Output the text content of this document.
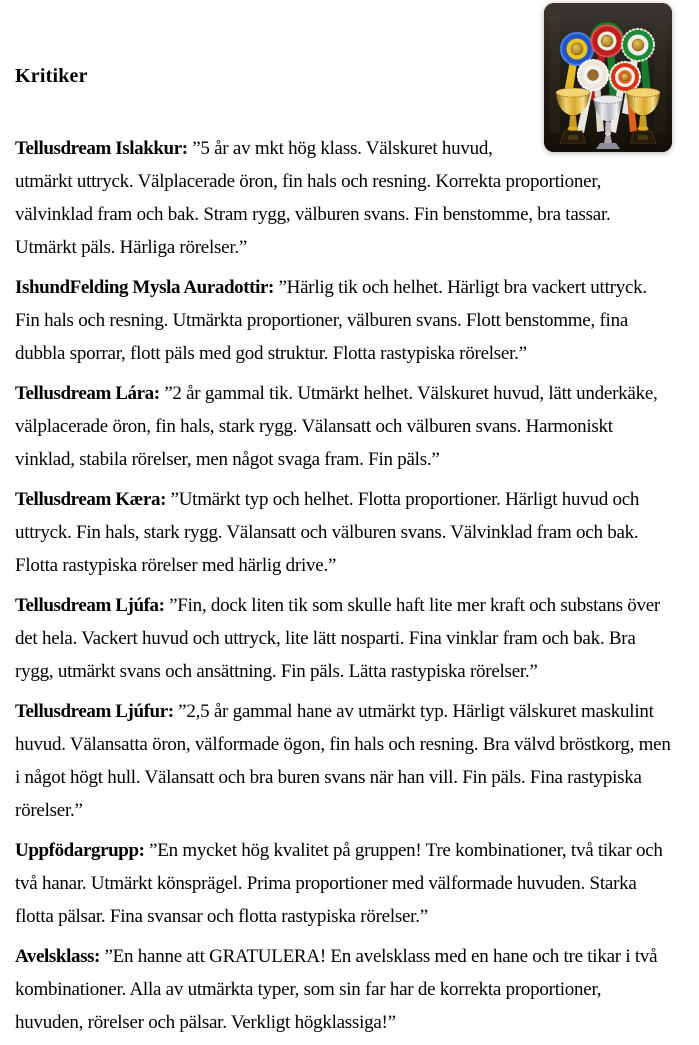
Kritiker

Tellusdream Islakkur: ”5 år av mkt hög klass. Välskuret huvud, utmärkt uttryck. Välplacerade öron, fin hals och resning. Korrekta proportioner, välvinklad fram och bak. Stram rygg, välburen svans. Fin benstomme, bra tassar. Utmärkt päls. Härliga rörelser.”

IshundFelding Mysla Auradottir: ”Härlig tik och helhet. Härligt bra vackert uttryck. Fin hals och resning. Utmärkta proportioner, välburen svans. Flott benstomme, fina dubbla sporrar, flott päls med god struktur. Flotta rastypiska rörelser.”

Tellusdream Lára: ”2 år gammal tik. Utmärkt helhet. Välskuret huvud, lätt underkäke, välplacerade öron, fin hals, stark rygg. Välansatt och välburen svans. Harmoniskt vinklad, stabila rörelser, men något svaga fram. Fin päls.”

Tellusdream Kæra: ”Utmärkt typ och helhet. Flotta proportioner. Härligt huvud och uttryck. Fin hals, stark rygg. Välansatt och välburen svans. Välvinklad fram och bak. Flotta rastypiska rörelser med härlig drive.”

Tellusdream Ljúfa: ”Fin, dock liten tik som skulle haft lite mer kraft och substans över det hela. Vackert huvud och uttryck, lite lätt nosparti. Fina vinklar fram och bak. Bra rygg, utmärkt svans och ansättning. Fin päls. Lätta rastypiska rörelser.”

Tellusdream Ljúfur: ”2,5 år gammal hane av utmärkt typ. Härligt välskuret maskulint huvud. Välansatta öron, välformade ögon, fin hals och resning. Bra välvd bröstkorg, men i något högt hull. Välansatt och bra buren svans när han vill. Fin päls. Fina rastypiska rörelser.”

Uppfödargrupp: ”En mycket hög kvalitet på gruppen! Tre kombinationer, två tikar och två hanar. Utmärkt könsprägel. Prima proportioner med välformade huvuden. Starka flotta pälsar. Fina svansar och flotta rastypiska rörelser.”

Avelsklass: ”En hanne att GRATULERA! En avelsklass med en hane och tre tikar i två kombinationer. Alla av utmärkta typer, som sin far har de korrekta proportioner, huvuden, rörelser och pälsar. Verkligt högklassiga!”
